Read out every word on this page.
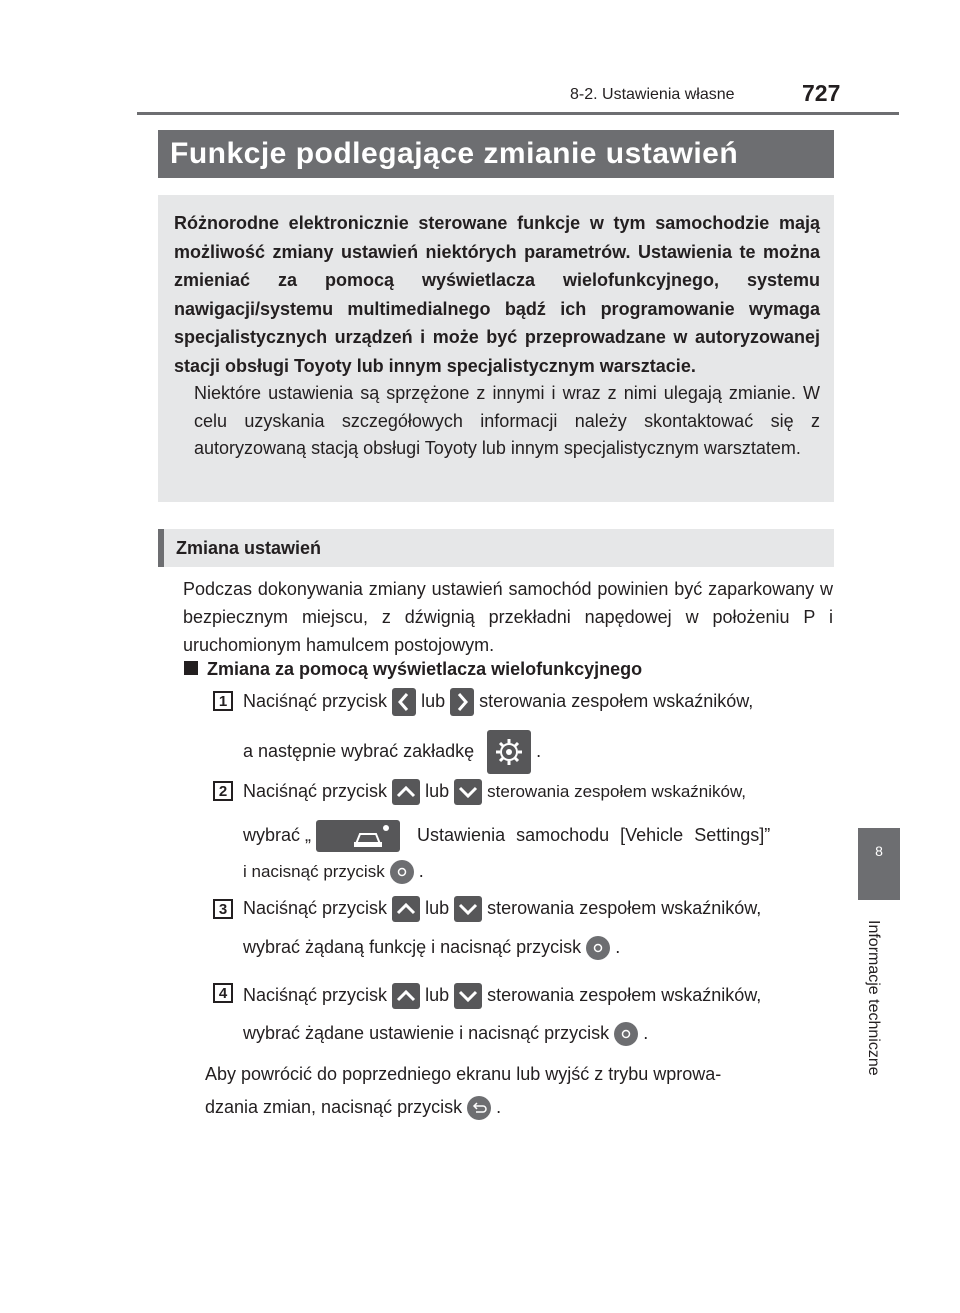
8-2. Ustawienia własne	727
8
Informacje techniczne
Funkcje podlegające zmianie ustawień

Różnorodne elektronicznie sterowane funkcje w tym samochodzie mają możliwość zmiany ustawień niektórych parametrów. Ustawienia te można zmieniać za pomocą wyświetlacza wielofunkcyjnego, systemu nawigacji/systemu multimedialnego bądź ich programowanie wymaga specjalistycznych urządzeń i może być przeprowadzane w autoryzowanej stacji obsługi Toyoty lub innym specjalistycznym warsztacie.

Niektóre ustawienia są sprzężone z innymi i wraz z nimi ulegają zmianie. W celu uzyskania szczegółowych informacji należy skontaktować się z autoryzowaną stacją obsługi Toyoty lub innym specjalistycznym warsztatem.

Zmiana ustawień

Podczas dokonywania zmiany ustawień samochód powinien być zaparkowany w bezpiecznym miejscu, z dźwignią przekładni napędowej w położeniu P i uruchomionym hamulcem postojowym.

Zmiana za pomocą wyświetlacza wielofunkcyjnego
1 Naciśnąć przycisk lub sterowania zespołem wskaźników,
a następnie wybrać zakładkę	.
2 Naciśnąć przycisk lub sterowania zespołem wskaźników,
wybrać „	Ustawienia samochodu [Vehicle Settings]”
i nacisnąć przycisk .
3 Naciśnąć przycisk lub sterowania zespołem wskaźników,
wybrać żądaną funkcję i nacisnąć przycisk .
4 Naciśnąć przycisk lub sterowania zespołem wskaźników,
wybrać żądane ustawienie i nacisnąć przycisk .
Aby powrócić do poprzedniego ekranu lub wyjść z trybu wprowa-
dzania zmian, nacisnąć przycisk .
